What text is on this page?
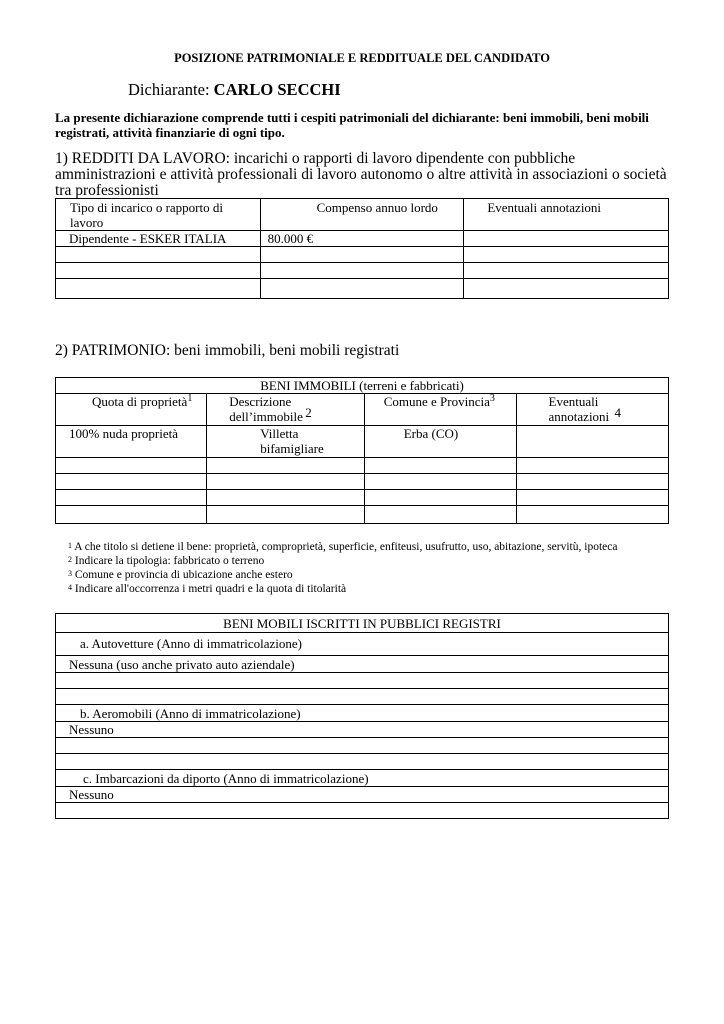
POSIZIONE PATRIMONIALE E REDDITUALE DEL CANDIDATO
Dichiarante: CARLO SECCHI
La presente dichiarazione comprende tutti i cespiti patrimoniali del dichiarante: beni immobili, beni mobili registrati, attività finanziarie di ogni tipo.
1) REDDITI DA LAVORO: incarichi o rapporti di lavoro dipendente con pubbliche amministrazioni e attività professionali di lavoro autonomo o altre attività in associazioni o società tra professionisti
Tipo di incarico o rapporto di lavoro	Compenso annuo lordo	Eventuali annotazioni
Dipendente - ESKER ITALIA	80.000 €	

2) PATRIMONIO: beni immobili, beni mobili registrati
BENI IMMOBILI (terreni e fabbricati)			
Quota di proprietà$^1$	Descrizione dell’immobile 2	Comune e Provincia$^3$	Eventuali annotazioni 4
100% nuda proprietà	Villetta bifamigliare	Erba (CO)	

$^1$ A che titolo si detiene il bene: proprietà, comproprietà, superficie, enfiteusi, usufrutto, uso, abitazione, servitù, ipoteca
$^2$ Indicare la tipologia: fabbricato o terreno
$^3$ Comune e provincia di ubicazione anche estero
$^4$ Indicare all'occorrenza i metri quadri e la quota di titolarità
BENI MOBILI ISCRITTI IN PUBBLICI REGISTRI
a. Autovetture (Anno di immatricolazione)
Nessuna (uso anche privato auto aziendale)

b. Aeromobili (Anno di immatricolazione)
Nessuno

c. Imbarcazioni da diporto (Anno di immatricolazione)
Nessuno
